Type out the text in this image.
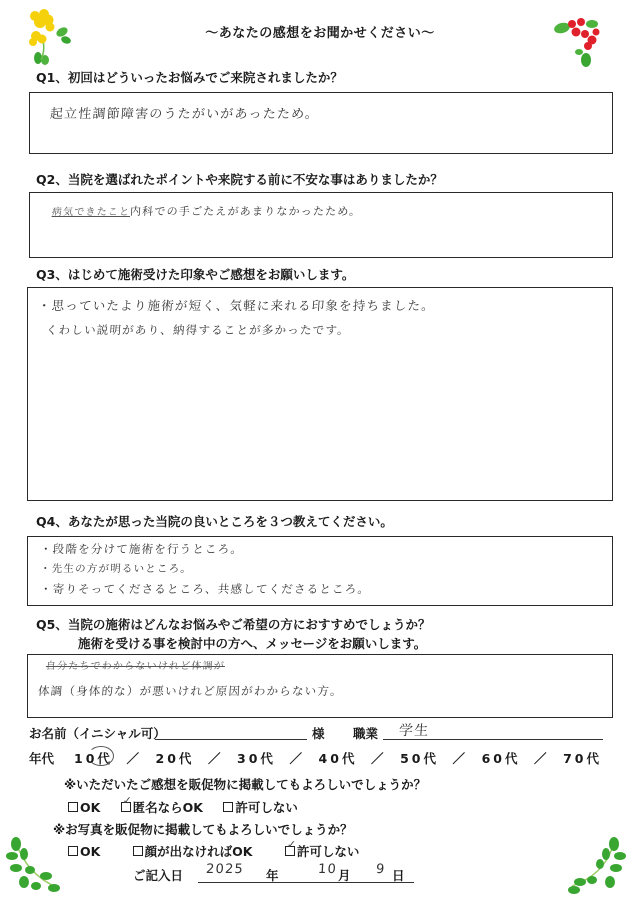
～あなたの感想をお聞かせください～
Q1、初回はどういったお悩みでご来院されましたか？
起立性調節障害のうたがいがあったため。
Q2、当院を選ばれたポイントや来院する前に不安な事はありましたか？
病気できたこと
内科での手ごたえがあまりなかったため。
Q3、はじめて施術受けた印象やご感想をお願いします。
・思っていたより施術が短く、気軽に来れる印象を持ちました。
くわしい説明があり、納得することが多かったです。
Q4、あなたが思った当院の良いところを３つ教えてください。
・段階を分けて施術を行うところ。
・先生の方が明るいところ。
・寄りそってくださるところ、共感してくださるところ。
Q5、当院の施術はどんなお悩みやご希望の方におすすめでしょうか？
施術を受ける事を検討中の方へ、メッセージをお願いします。
自分たちでわからないけれど体調が
体調（身体的な）が悪いけれど原因がわからない方。
お名前（イニシャル可）	様 職業 学生
年代 10代 ／ 20代 ／ 30代 ／ 40代 ／ 50代 ／ 60代 ／ 70代
※いただいたご感想を販促物に掲載してもよろしいでしょうか？
OK ✓ 匿名ならOK	許可しない
※お写真を販促物に掲載してもよろしいでしょうか？
OK	顔が出なければOK	✓ 許可しない
ご記入日 2025 年	10 月 9 日
